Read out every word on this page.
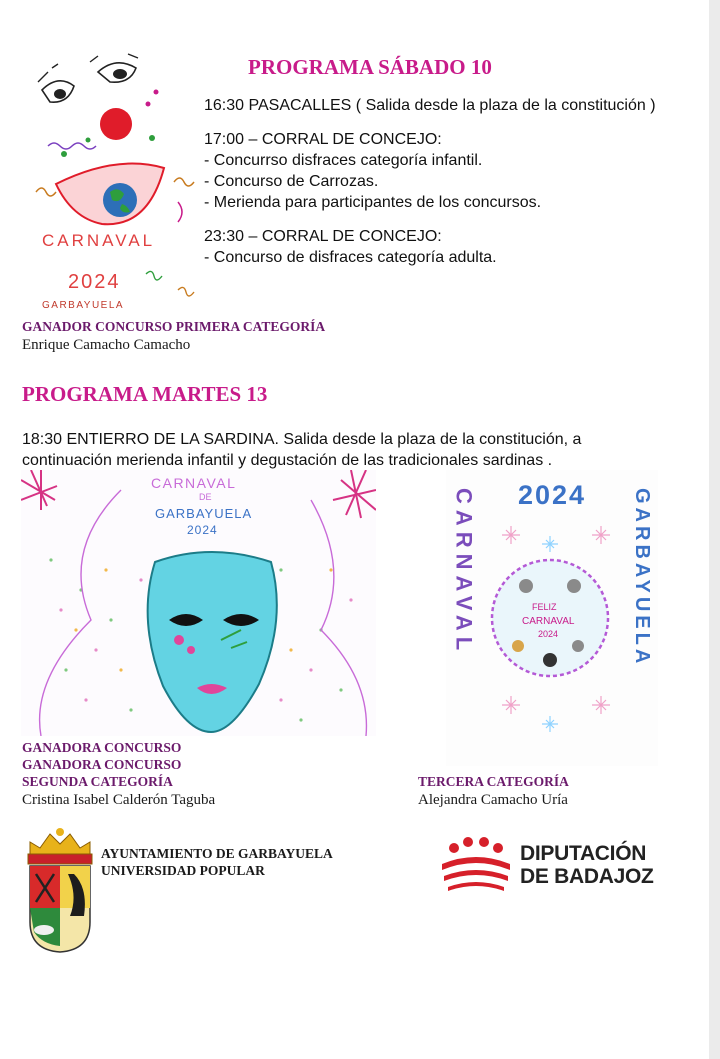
CARNAVAL
2024
GARBAYUELA
PROGRAMA SÁBADO 10

16:30 PASACALLES ( Salida desde la plaza de la constitución )

17:00 – CORRAL DE CONCEJO:

- Concurrso disfraces categoría infantil.

- Concurso de Carrozas.

- Merienda para participantes de los concursos.

23:30 – CORRAL DE CONCEJO:

- Concurso de disfraces categoría adulta.

GANADOR CONCURSO PRIMERA CATEGORÍA
Enrique Camacho Camacho
PROGRAMA MARTES 13
18:30 ENTIERRO DE LA SARDINA. Salida desde la plaza de la constitución, a continuación merienda infantil y degustación de las tradicionales sardinas .
CARNAVAL
DE
GARBAYUELA
2024
2024
CARNAVAL	GARBAYUELA
FELIZ
CARNAVAL
2024
GANADORA CONCURSO
GANADORA CONCURSO
SEGUNDA CATEGORÍA
Cristina Isabel Calderón Taguba
TERCERA CATEGORÍA
Alejandra Camacho Uría
AYUNTAMIENTO DE GARBAYUELA
UNIVERSIDAD POPULAR
DIPUTACIÓN
DE BADAJOZ
